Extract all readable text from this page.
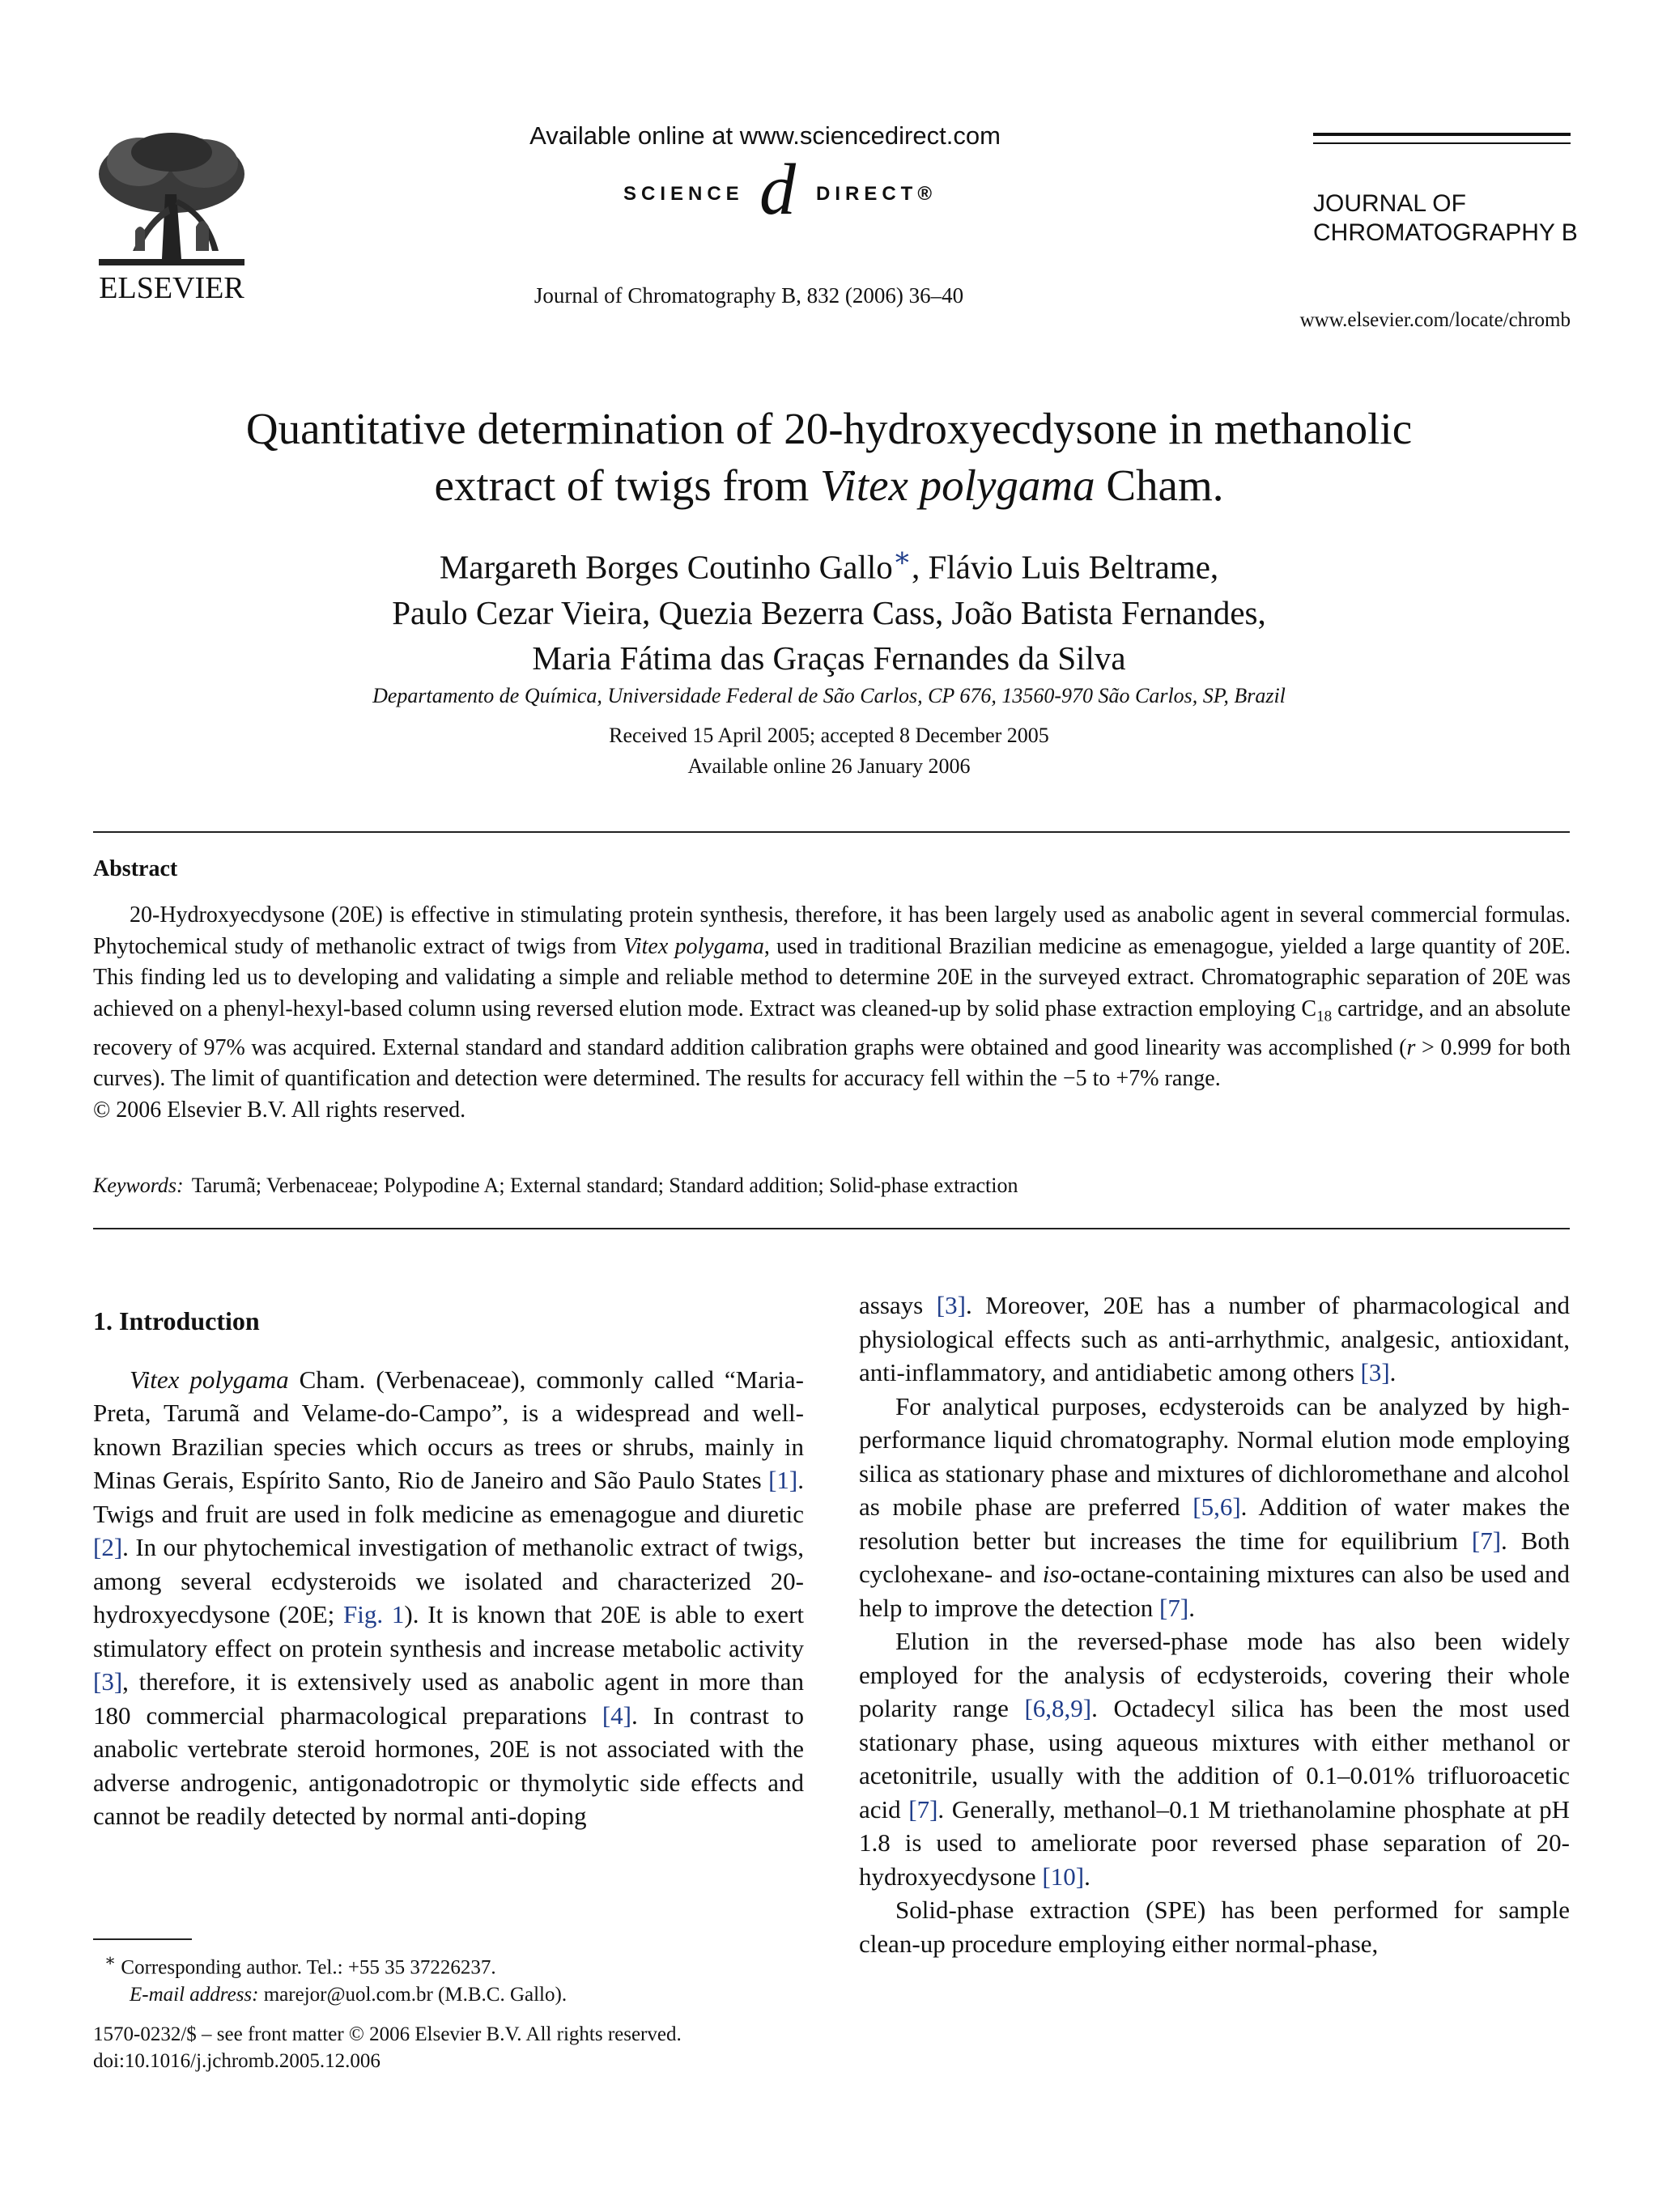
ELSEVIER
Available online at www.sciencedirect.com
SCIENCE d DIRECT®
Journal of Chromatography B, 832 (2006) 36–40
JOURNAL OF
CHROMATOGRAPHY B
www.elsevier.com/locate/chromb
Quantitative determination of 20-hydroxyecdysone in methanolic
extract of twigs from Vitex polygama Cham.
Margareth Borges Coutinho Gallo∗, Flávio Luis Beltrame,
Paulo Cezar Vieira, Quezia Bezerra Cass, João Batista Fernandes,
Maria Fátima das Graças Fernandes da Silva
Departamento de Química, Universidade Federal de São Carlos, CP 676, 13560-970 São Carlos, SP, Brazil
Received 15 April 2005; accepted 8 December 2005
Available online 26 January 2006
Abstract

20-Hydroxyecdysone (20E) is effective in stimulating protein synthesis, therefore, it has been largely used as anabolic agent in several commercial formulas. Phytochemical study of methanolic extract of twigs from Vitex polygama, used in traditional Brazilian medicine as emenagogue, yielded a large quantity of 20E. This finding led us to developing and validating a simple and reliable method to determine 20E in the surveyed extract. Chromatographic separation of 20E was achieved on a phenyl-hexyl-based column using reversed elution mode. Extract was cleaned-up by solid phase extraction employing $C_{18}$ cartridge, and an absolute recovery of 97% was acquired. External standard and standard addition calibration graphs were obtained and good linearity was accomplished (r > 0.999 for both curves). The limit of quantification and detection were determined. The results for accuracy fell within the −5 to +7% range.

© 2006 Elsevier B.V. All rights reserved.

Keywords: Tarumã; Verbenaceae; Polypodine A; External standard; Standard addition; Solid-phase extraction

1. Introduction

Vitex polygama Cham. (Verbenaceae), commonly called “Maria-Preta, Tarumã and Velame-do-Campo”, is a widespread and well-known Brazilian species which occurs as trees or shrubs, mainly in Minas Gerais, Espírito Santo, Rio de Janeiro and São Paulo States [1]. Twigs and fruit are used in folk medicine as emenagogue and diuretic [2]. In our phytochemical investigation of methanolic extract of twigs, among several ecdysteroids we isolated and characterized 20-hydroxyecdysone (20E; Fig. 1). It is known that 20E is able to exert stimulatory effect on protein synthesis and increase metabolic activity [3], therefore, it is extensively used as anabolic agent in more than 180 commercial pharmacological preparations [4]. In contrast to anabolic vertebrate steroid hormones, 20E is not associated with the adverse androgenic, antigonadotropic or thymolytic side effects and cannot be readily detected by normal anti-doping

∗ Corresponding author. Tel.: +55 35 37226237.
E-mail address: marejor@uol.com.br (M.B.C. Gallo).
1570-0232/$ – see front matter © 2006 Elsevier B.V. All rights reserved.
doi:10.1016/j.jchromb.2005.12.006

assays [3]. Moreover, 20E has a number of pharmacological and physiological effects such as anti-arrhythmic, analgesic, antioxidant, anti-inflammatory, and antidiabetic among others [3].

For analytical purposes, ecdysteroids can be analyzed by high-performance liquid chromatography. Normal elution mode employing silica as stationary phase and mixtures of dichloromethane and alcohol as mobile phase are preferred [5,6]. Addition of water makes the resolution better but increases the time for equilibrium [7]. Both cyclohexane- and iso-octane-containing mixtures can also be used and help to improve the detection [7].

Elution in the reversed-phase mode has also been widely employed for the analysis of ecdysteroids, covering their whole polarity range [6,8,9]. Octadecyl silica has been the most used stationary phase, using aqueous mixtures with either methanol or acetonitrile, usually with the addition of 0.1–0.01% trifluoroacetic acid [7]. Generally, methanol–0.1 M triethanolamine phosphate at pH 1.8 is used to ameliorate poor reversed phase separation of 20-hydroxyecdysone [10].

Solid-phase extraction (SPE) has been performed for sample clean-up procedure employing either normal-phase,
